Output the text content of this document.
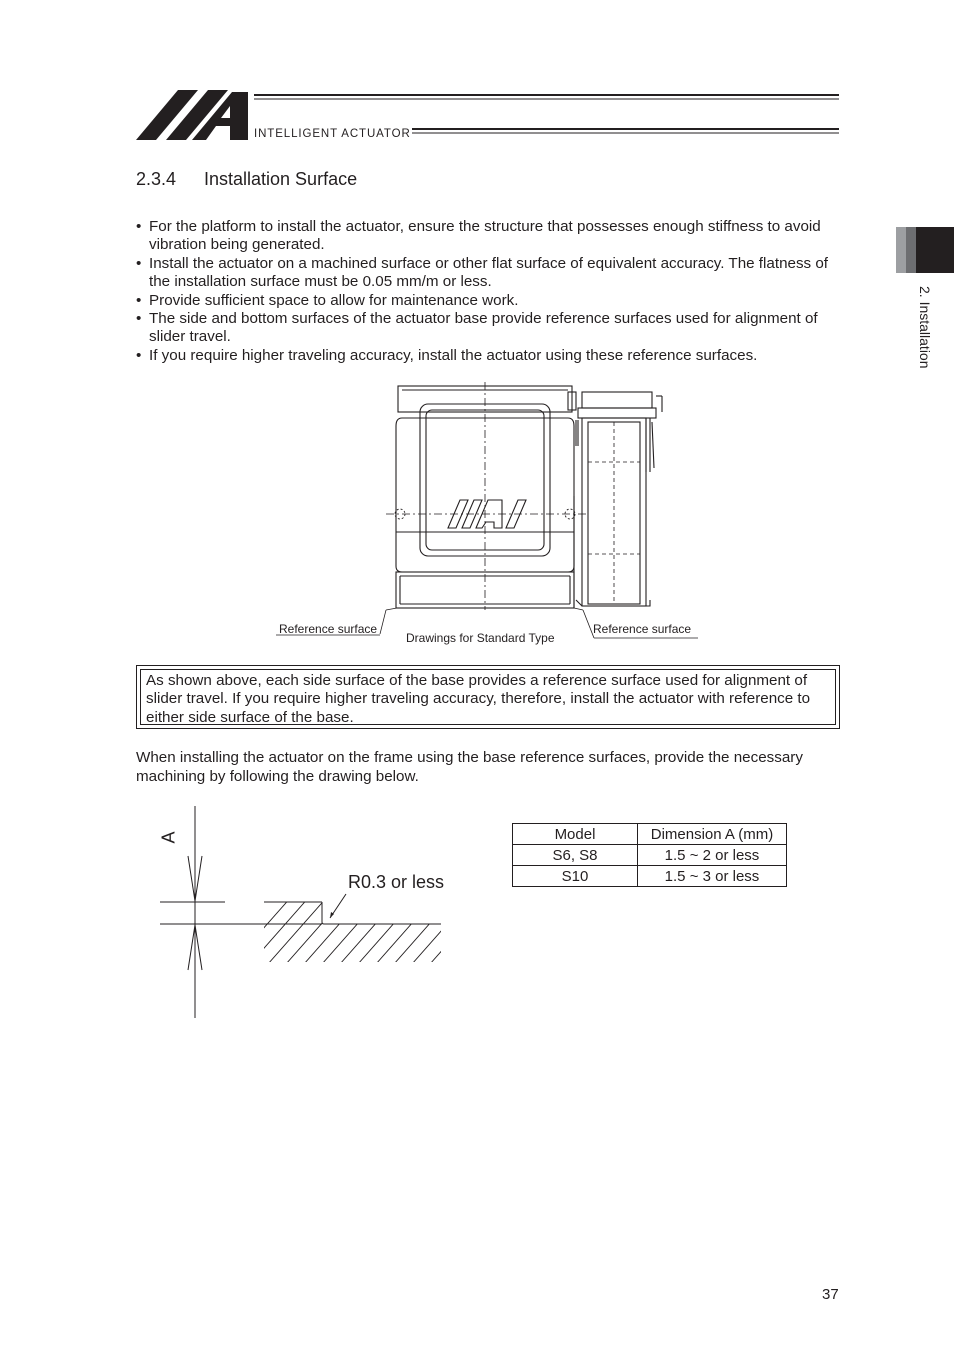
INTELLIGENT ACTUATOR
2. Installation
2.3.4 Installation Surface
• For the platform to install the actuator, ensure the structure that possesses enough stiffness to avoid vibration being generated.
• Install the actuator on a machined surface or other flat surface of equivalent accuracy. The flatness of the installation surface must be 0.05 mm/m or less.
• Provide sufficient space to allow for maintenance work.
• The side and bottom surfaces of the actuator base provide reference surfaces used for alignment of slider travel.
• If you require higher traveling accuracy, install the actuator using these reference surfaces.
Reference surface	Reference surface
Drawings for Standard Type
As shown above, each side surface of the base provides a reference surface used for alignment of slider travel. If you require higher traveling accuracy, therefore, install the actuator with reference to either side surface of the base.
When installing the actuator on the frame using the base reference surfaces, provide the necessary machining by following the drawing below.
A
R0.3 or less
Model	Dimension A (mm)
S6, S8	1.5 ~ 2 or less
S10	1.5 ~ 3 or less
37
